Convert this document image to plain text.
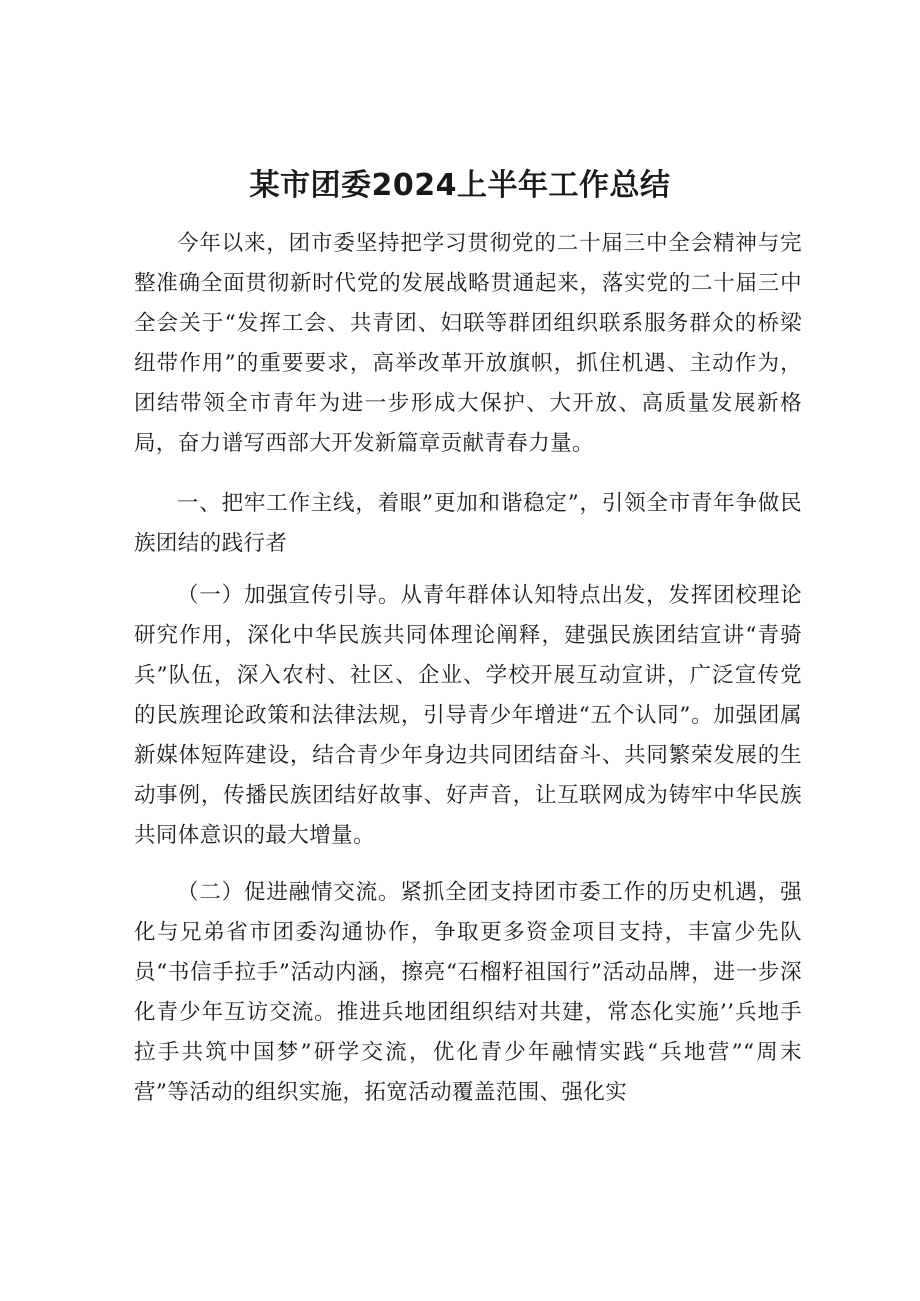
某市团委2024上半年工作总结

今年以来，团市委坚持把学习贯彻党的二十届三中全会精神与完整准确全面贯彻新时代党的发展战略贯通起来，落实党的二十届三中全会关于“发挥工会、共青团、妇联等群团组织联系服务群众的桥梁纽带作用”的重要要求，高举改革开放旗帜，抓住机遇、主动作为，团结带领全市青年为进一步形成大保护、大开放、高质量发展新格局，奋力谱写西部大开发新篇章贡献青春力量。

一、把牢工作主线，着眼”更加和谐稳定”，引领全市青年争做民族团结的践行者

（一）加强宣传引导。从青年群体认知特点出发，发挥团校理论研究作用，深化中华民族共同体理论阐释，建强民族团结宣讲“青骑兵”队伍，深入农村、社区、企业、学校开展互动宣讲，广泛宣传党的民族理论政策和法律法规，引导青少年增进“五个认同”。加强团属新媒体短阵建设，结合青少年身边共同团结奋斗、共同繁荣发展的生动事例，传播民族团结好故事、好声音，让互联网成为铸牢中华民族共同体意识的最大增量。

（二）促进融情交流。紧抓全团支持团市委工作的历史机遇，强化与兄弟省市团委沟通协作，争取更多资金项目支持，丰富少先队员“书信手拉手”活动内涵，擦亮“石榴籽祖国行”活动品牌，进一步深化青少年互访交流。推进兵地团组织结对共建，常态化实施’’兵地手拉手共筑中国梦”研学交流，优化青少年融情实践“兵地营”“周末营”等活动的组织实施，拓宽活动覆盖范围、强化实
